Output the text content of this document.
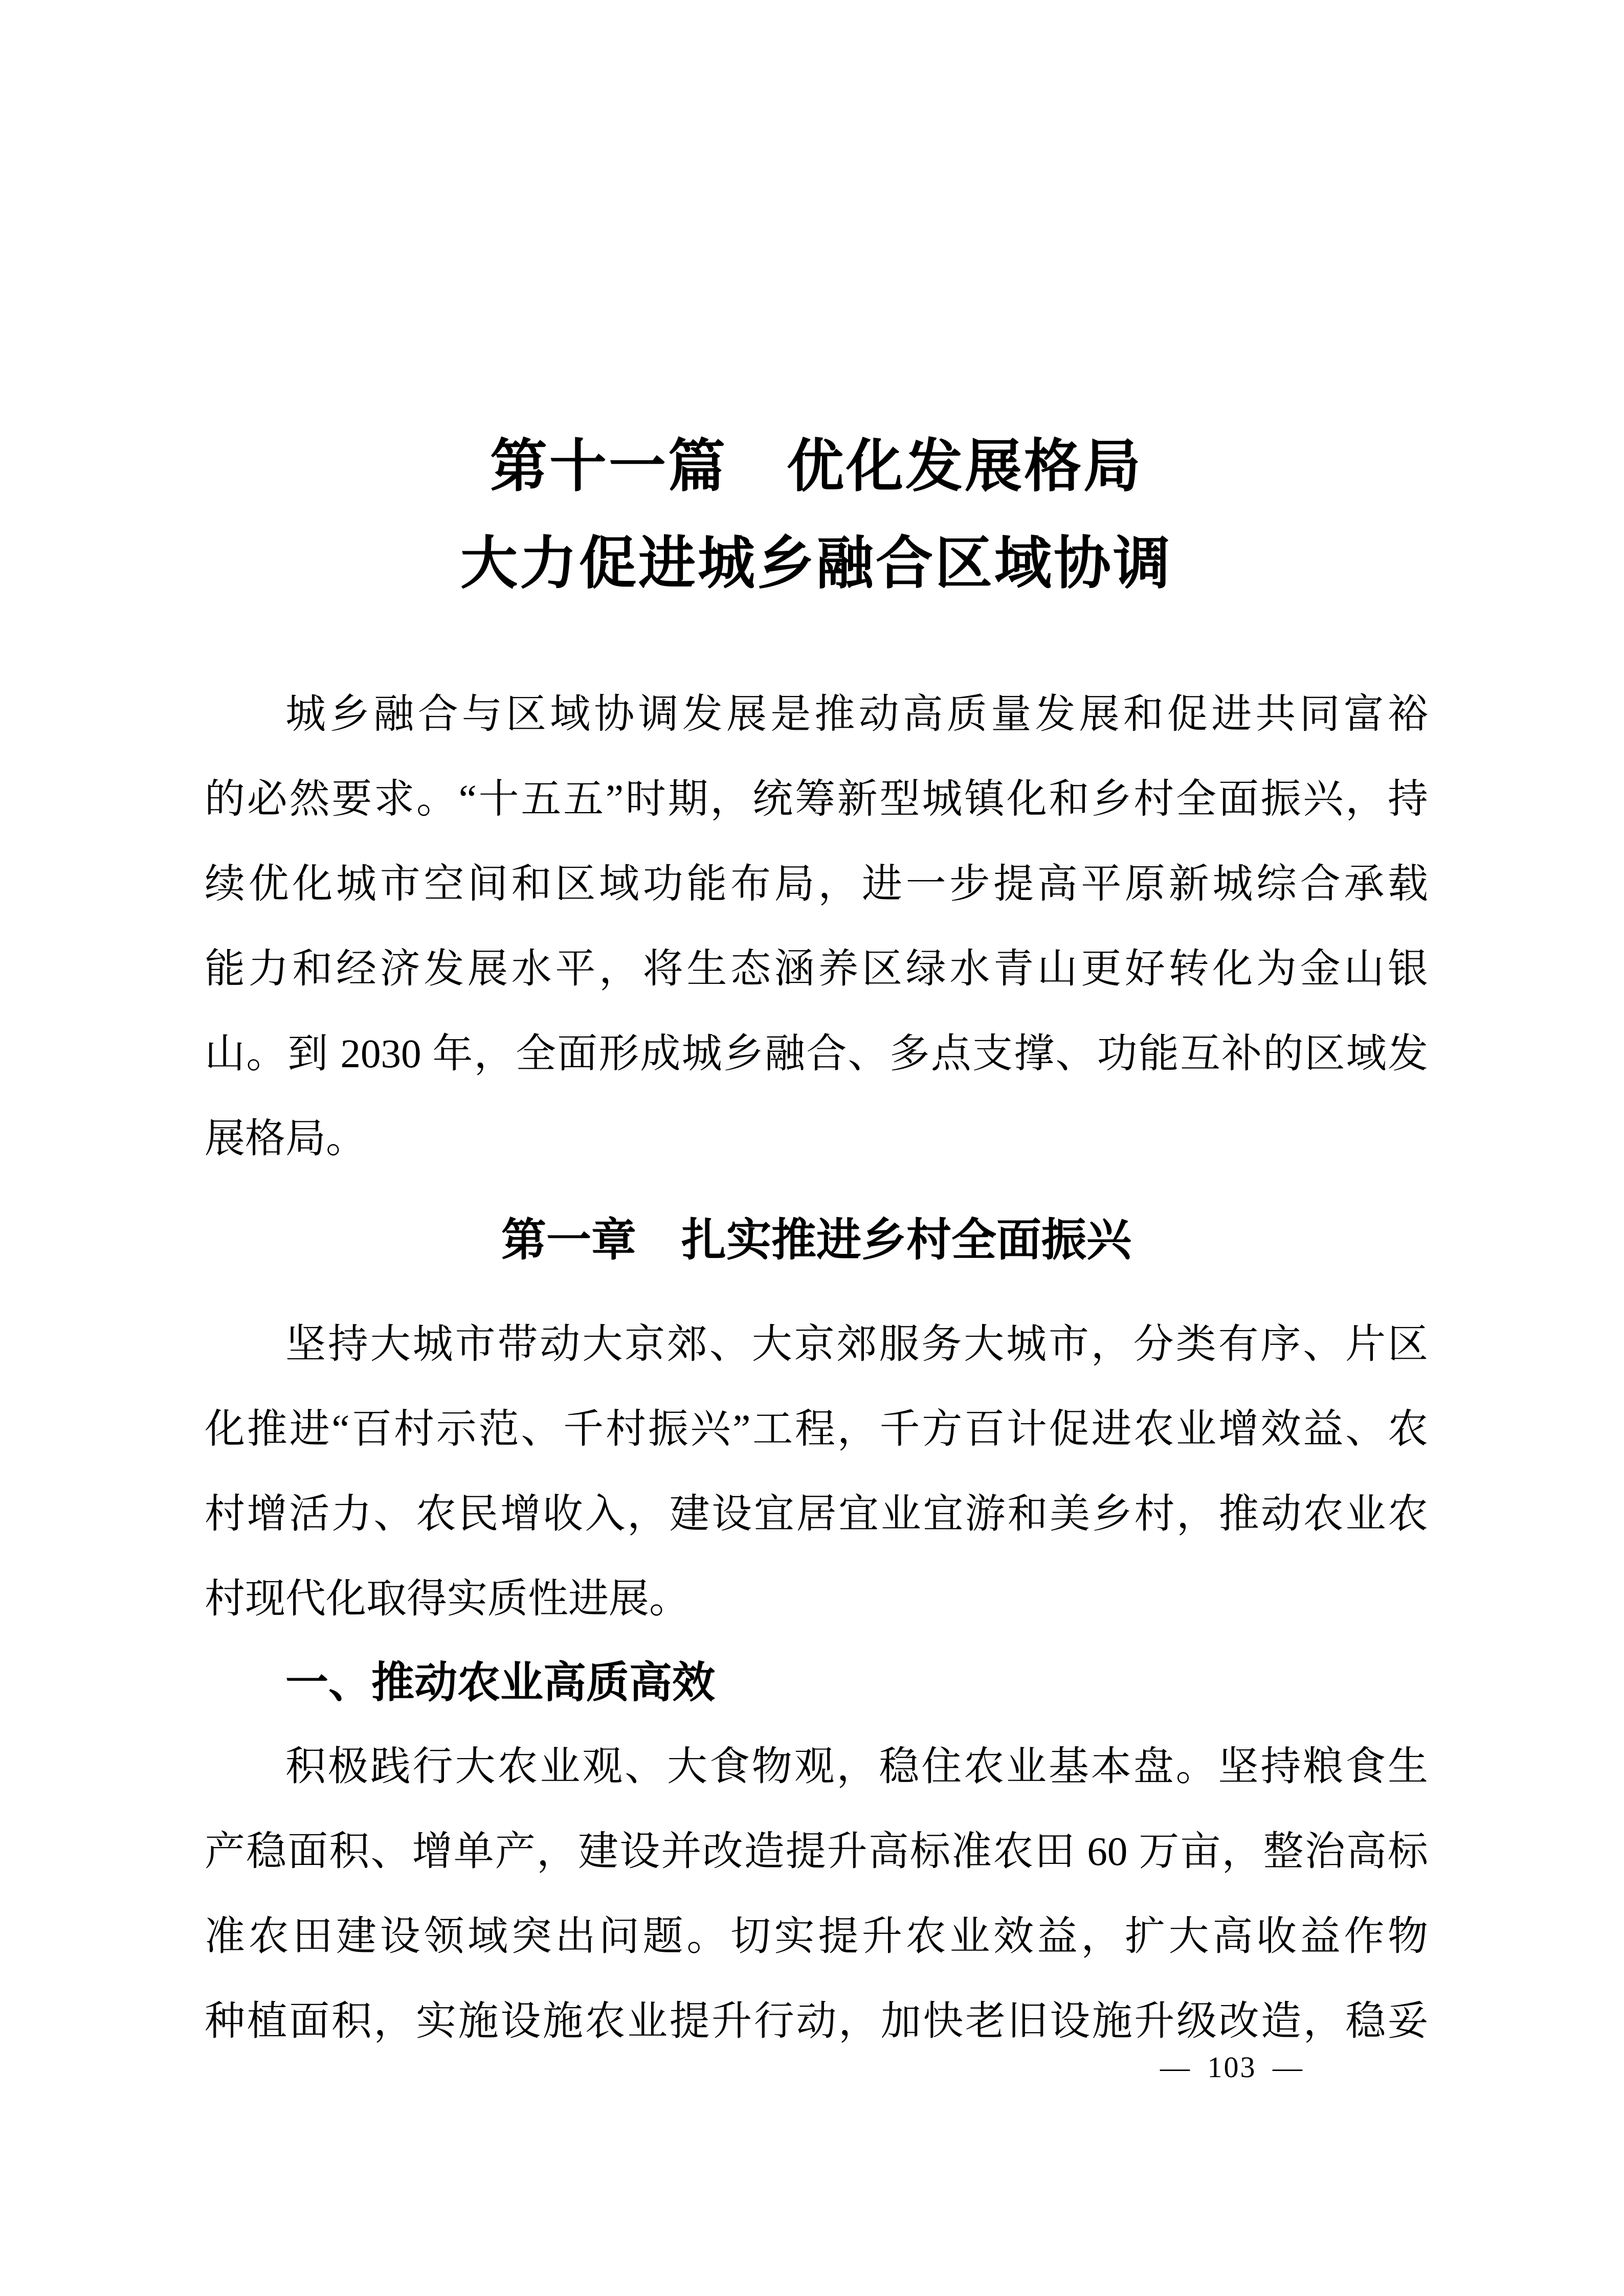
第十一篇　优化发展格局
大力促进城乡融合区域协调
城乡融合与区域协调发展是推动高质量发展和促进共同富裕
的必然要求。“十五五”时期，统筹新型城镇化和乡村全面振兴，持
续优化城市空间和区域功能布局，进一步提高平原新城综合承载
能力和经济发展水平，将生态涵养区绿水青山更好转化为金山银
山。到 2030 年，全面形成城乡融合、多点支撑、功能互补的区域发
展格局。
第一章　扎实推进乡村全面振兴
坚持大城市带动大京郊、大京郊服务大城市，分类有序、片区
化推进“百村示范、千村振兴”工程，千方百计促进农业增效益、农
村增活力、农民增收入，建设宜居宜业宜游和美乡村，推动农业农
村现代化取得实质性进展。
一、推动农业高质高效
积极践行大农业观、大食物观，稳住农业基本盘。坚持粮食生
产稳面积、增单产，建设并改造提升高标准农田 60 万亩，整治高标
准农田建设领域突出问题。切实提升农业效益，扩大高收益作物
种植面积，实施设施农业提升行动，加快老旧设施升级改造，稳妥
— 103 —
